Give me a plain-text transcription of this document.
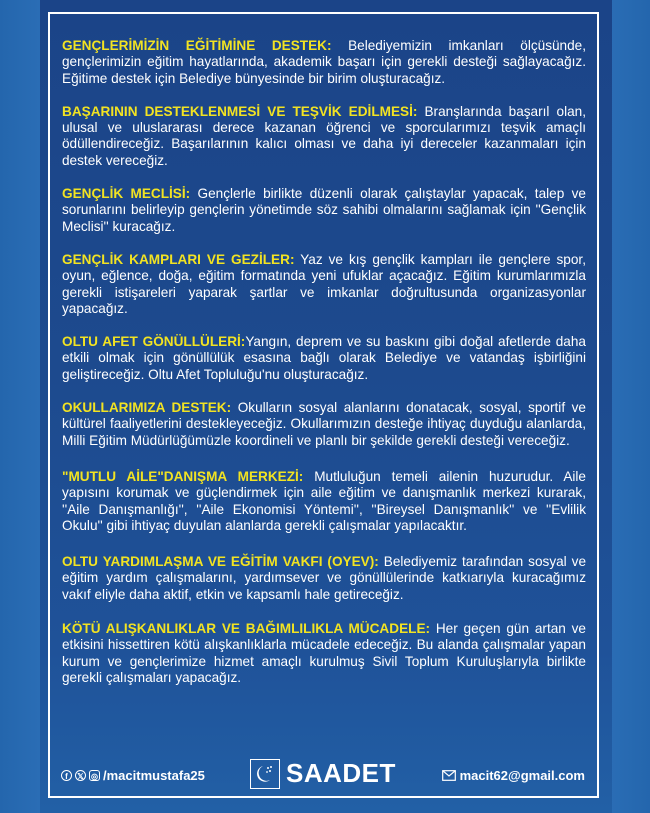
GENÇLERİMİZİN EĞİTİMİNE DESTEK: Belediyemizin imkanları ölçüsünde, gençlerimizin eğitim hayatlarında, akademik başarı için gerekli desteği sağlayacağız. Eğitime destek için Belediye bünyesinde bir birim oluşturacağız.

BAŞARININ DESTEKLENMESİ VE TEŞVİK EDİLMESİ: Branşlarında başarıl olan, ulusal ve uluslararası derece kazanan öğrenci ve sporcularımızı teşvik amaçlı ödüllendireceğiz. Başarılarının kalıcı olması ve daha iyi dereceler kazanmaları için destek vereceğiz.

GENÇLİK MECLİSİ: Gençlerle birlikte düzenli olarak çalıştaylar yapacak, talep ve sorunlarını belirleyip gençlerin yönetimde söz sahibi olmalarını sağlamak için ''Gençlik Meclisi'' kuracağız.

GENÇLİK KAMPLARI VE GEZİLER: Yaz ve kış gençlik kampları ile gençlere spor, oyun, eğlence, doğa, eğitim formatında yeni ufuklar açacağız. Eğitim kurumlarımızla gerekli istişareleri yaparak şartlar ve imkanlar doğrultusunda organizasyonlar yapacağız.

OLTU AFET GÖNÜLLÜLERİ:Yangın, deprem ve su baskını gibi doğal afetlerde daha etkili olmak için gönüllülük esasına bağlı olarak Belediye ve vatandaş işbirliğini geliştireceğiz. Oltu Afet Topluluğu'nu oluşturacağız.

OKULLARIMIZA DESTEK: Okulların sosyal alanlarını donatacak, sosyal, sportif ve kültürel faaliyetlerini destekleyeceğiz. Okullarımızın desteğe ihtiyaç duyduğu alanlarda, Milli Eğitim Müdürlüğümüzle koordineli ve planlı bir şekilde gerekli desteği vereceğiz.

"MUTLU AİLE"DANIŞMA MERKEZİ: Mutluluğun temeli ailenin huzurudur. Aile yapısını korumak ve güçlendirmek için aile eğitim ve danışmanlık merkezi kurarak, ''Aile Danışmanlığı'', ''Aile Ekonomisi Yöntemi'', ''Bireysel Danışmanlık'' ve ''Evlilik Okulu'' gibi ihtiyaç duyulan alanlarda gerekli çalışmalar yapılacaktır.

OLTU YARDIMLAŞMA VE EĞİTİM VAKFI (OYEV): Belediyemiz tarafından sosyal ve eğitim yardım çalışmalarını, yardımsever ve gönüllülerinde katkıarıyla kuracağımız vakıf eliyle daha aktif, etkin ve kapsamlı hale getireceğiz.

KÖTÜ ALIŞKANLIKLAR VE BAĞIMLILIKLA MÜCADELE: Her geçen gün artan ve etkisini hissettiren kötü alışkanlıklarla mücadele edeceğiz. Bu alanda çalışmalar yapan kurum ve gençlerimize hizmet amaçlı kurulmuş Sivil Toplum Kuruluşlarıyla birlikte gerekli çalışmaları yapacağız.

f	𝕏 ◎ /macitmustafa25	SAADET	macit62@gmail.com
